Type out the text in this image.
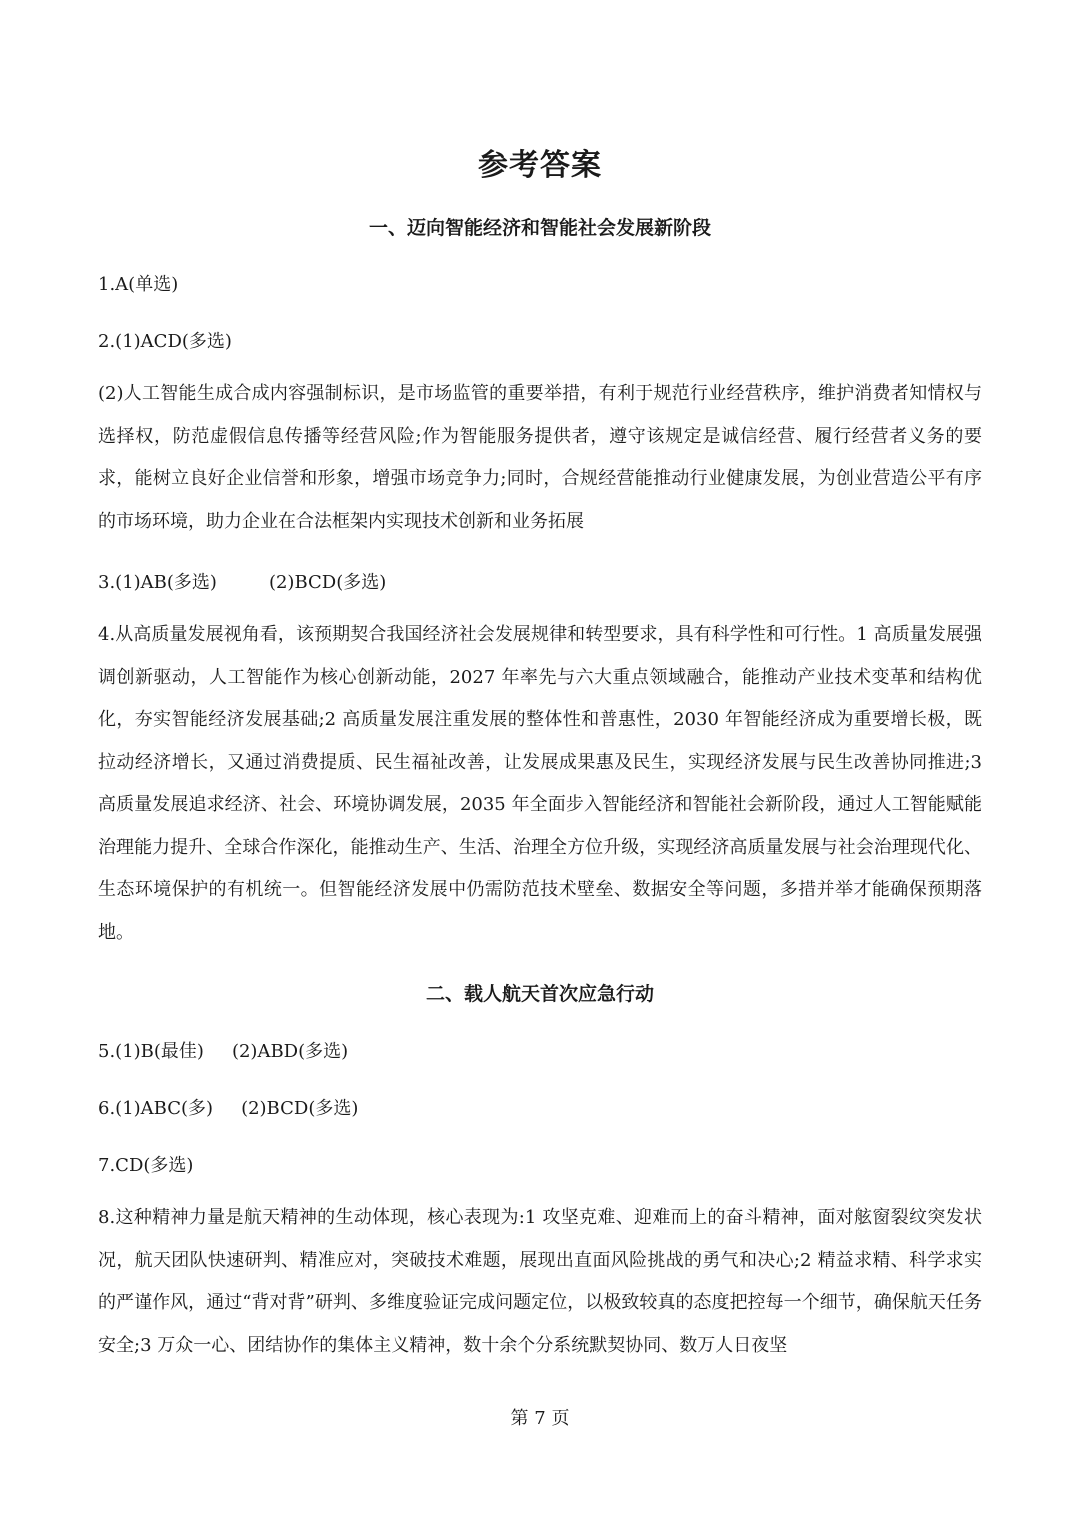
参考答案
一、迈向智能经济和智能社会发展新阶段

1.A(单选)

2.(1)ACD(多选)

(2)人工智能生成合成内容强制标识，是市场监管的重要举措，有利于规范行业经营秩序，维护消费者知情权与选择权，防范虚假信息传播等经营风险;作为智能服务提供者，遵守该规定是诚信经营、履行经营者义务的要求，能树立良好企业信誉和形象，增强市场竞争力;同时，合规经营能推动行业健康发展，为创业营造公平有序的市场环境，助力企业在合法框架内实现技术创新和业务拓展

3.(1)AB(多选)	(2)BCD(多选)

4.从高质量发展视角看，该预期契合我国经济社会发展规律和转型要求，具有科学性和可行性。1 高质量发展强调创新驱动，人工智能作为核心创新动能，2027 年率先与六大重点领域融合，能推动产业技术变革和结构优化，夯实智能经济发展基础;2 高质量发展注重发展的整体性和普惠性，2030 年智能经济成为重要增长极，既拉动经济增长，又通过消费提质、民生福祉改善，让发展成果惠及民生，实现经济发展与民生改善协同推进;3 高质量发展追求经济、社会、环境协调发展，2035 年全面步入智能经济和智能社会新阶段，通过人工智能赋能治理能力提升、全球合作深化，能推动生产、生活、治理全方位升级，实现经济高质量发展与社会治理现代化、生态环境保护的有机统一。但智能经济发展中仍需防范技术壁垒、数据安全等问题，多措并举才能确保预期落地。

二、载人航天首次应急行动

5.(1)B(最佳) (2)ABD(多选)

6.(1)ABC(多) (2)BCD(多选)

7.CD(多选)

8.这种精神力量是航天精神的生动体现，核心表现为:1 攻坚克难、迎难而上的奋斗精神，面对舷窗裂纹突发状况，航天团队快速研判、精准应对，突破技术难题，展现出直面风险挑战的勇气和决心;2 精益求精、科学求实的严谨作风，通过“背对背”研判、多维度验证完成问题定位，以极致较真的态度把控每一个细节，确保航天任务安全;3 万众一心、团结协作的集体主义精神，数十余个分系统默契协同、数万人日夜坚

第 7 页
